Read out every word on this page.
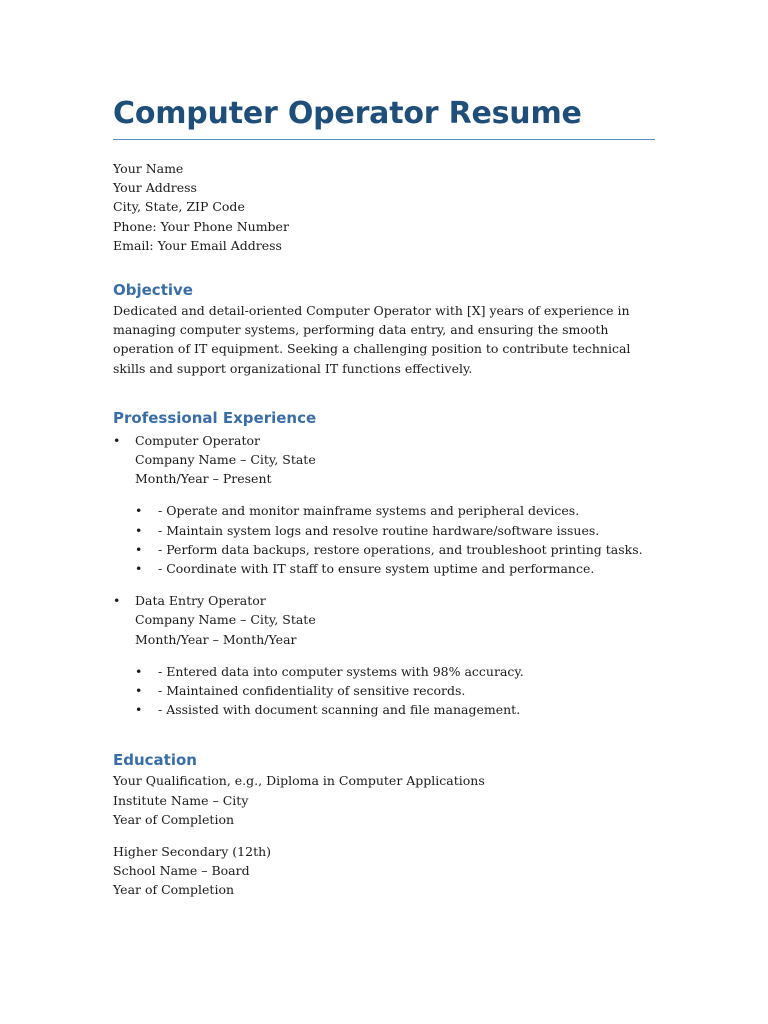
Computer Operator Resume
Your Name
Your Address
City, State, ZIP Code
Phone: Your Phone Number
Email: Your Email Address
Objective
Dedicated and detail-oriented Computer Operator with [X] years of experience in managing computer systems, performing data entry, and ensuring the smooth operation of IT equipment. Seeking a challenging position to contribute technical skills and support organizational IT functions effectively.
Professional Experience
• Computer Operator
Company Name – City, State
Month/Year – Present
• - Operate and monitor mainframe systems and peripheral devices.
• - Maintain system logs and resolve routine hardware/software issues.
• - Perform data backups, restore operations, and troubleshoot printing tasks.
• - Coordinate with IT staff to ensure system uptime and performance.
• Data Entry Operator
Company Name – City, State
Month/Year – Month/Year
• - Entered data into computer systems with 98% accuracy.
• - Maintained confidentiality of sensitive records.
• - Assisted with document scanning and file management.
Education
Your Qualification, e.g., Diploma in Computer Applications
Institute Name – City
Year of Completion
Higher Secondary (12th)
School Name – Board
Year of Completion
